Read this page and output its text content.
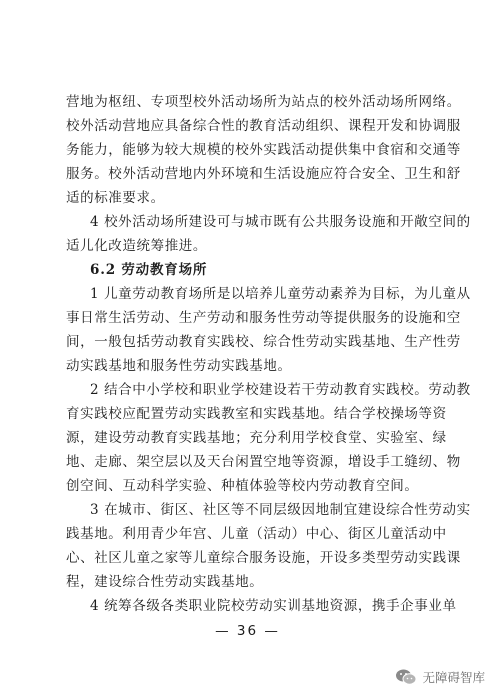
营地为枢纽、专项型校外活动场所为站点的校外活动场所网络。
校外活动营地应具备综合性的教育活动组织、课程开发和协调服
务能力，能够为较大规模的校外实践活动提供集中食宿和交通等
服务。校外活动营地内外环境和生活设施应符合安全、卫生和舒
适的标准要求。
4 校外活动场所建设可与城市既有公共服务设施和开敞空间的
适儿化改造统筹推进。
6.2 劳动教育场所
1 儿童劳动教育场所是以培养儿童劳动素养为目标，为儿童从
事日常生活劳动、生产劳动和服务性劳动等提供服务的设施和空
间，一般包括劳动教育实践校、综合性劳动实践基地、生产性劳
动实践基地和服务性劳动实践基地。
2 结合中小学校和职业学校建设若干劳动教育实践校。劳动教
育实践校应配置劳动实践教室和实践基地。结合学校操场等资
源，建设劳动教育实践基地；充分利用学校食堂、实验室、绿
地、走廊、架空层以及天台闲置空地等资源，增设手工缝纫、物
创空间、互动科学实验、种植体验等校内劳动教育空间。
3 在城市、街区、社区等不同层级因地制宜建设综合性劳动实
践基地。利用青少年宫、儿童（活动）中心、街区儿童活动中
心、社区儿童之家等儿童综合服务设施，开设多类型劳动实践课
程，建设综合性劳动实践基地。
4 统筹各级各类职业院校劳动实训基地资源，携手企事业单
— 36 —
无障碍智库
